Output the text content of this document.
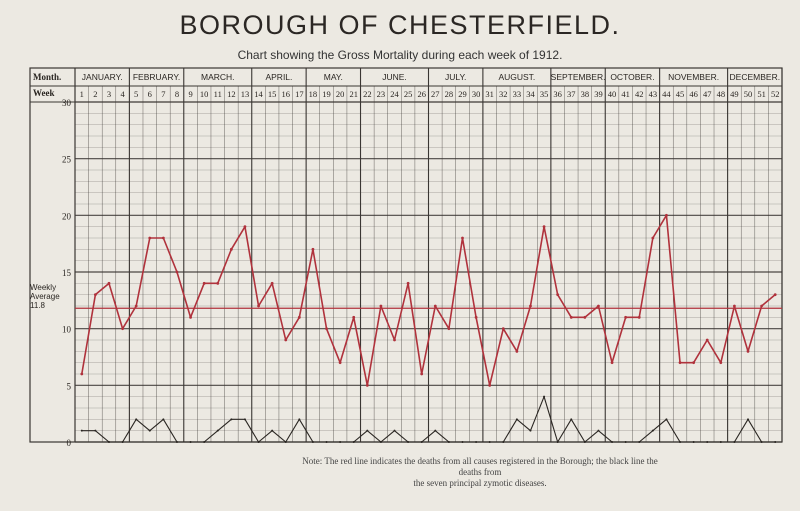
BOROUGH OF CHESTERFIELD.
Chart showing the Gross Mortality during each week of 1912.
JANUARY. FEBRUARY. MARCH.	APRIL.	MAY.	JUNE.	JULY.	AUGUST. SEPTEMBER. OCTOBER. NOVEMBER. DECEMBER.
1 2 3 4 5 6 7 8 9 10 11 12 13 14 15 16 17 18 19 20 21 22 23 24 25 26 27 28 29 30 31 32 33 34 35 36 37 38 39 40 41 42 43 44 45 46 47 48 49 50 51 52
Month.
Week
0
5
10
15
20
25
30
Weekly
Average
11.8
Note: The red line indicates the deaths from all causes registered in the Borough; the black line the deaths from
the seven principal zymotic diseases.
